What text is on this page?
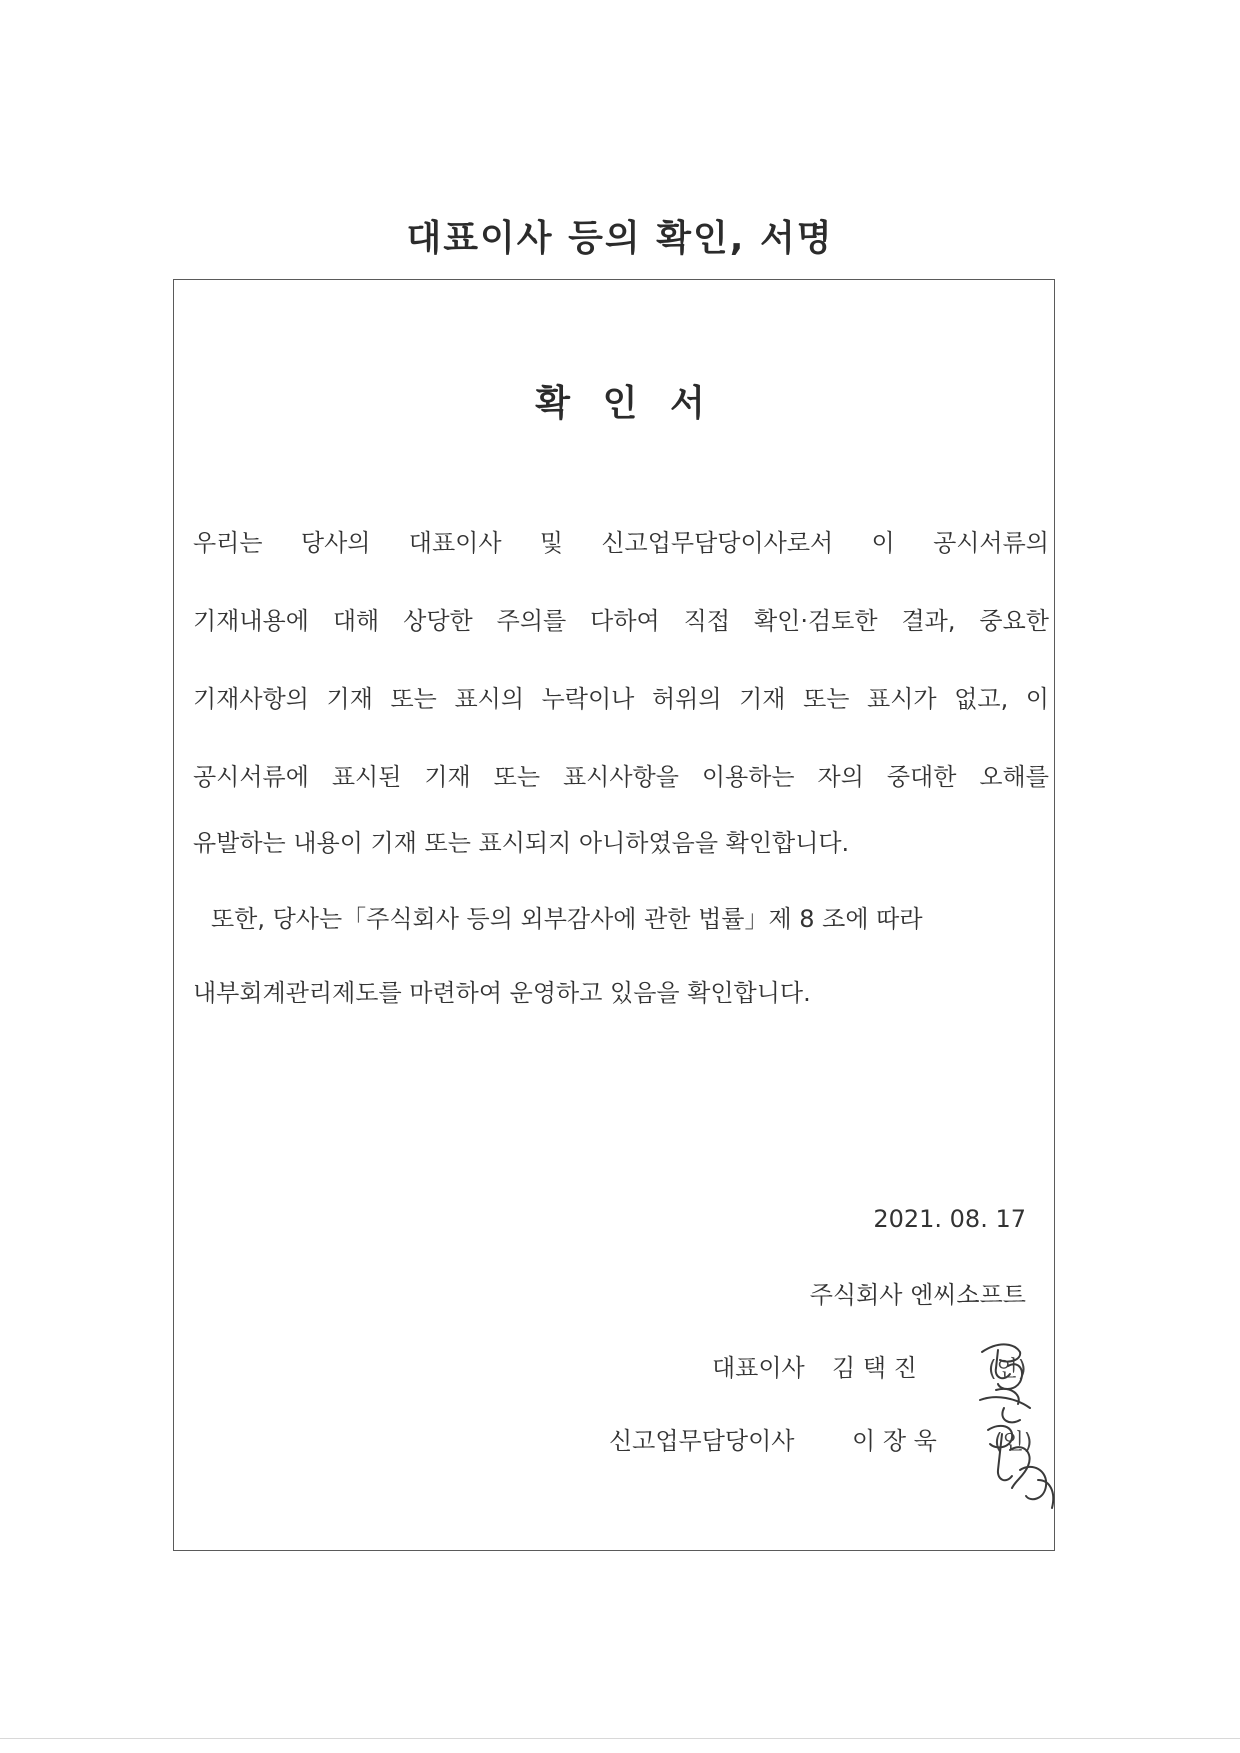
대표이사 등의 확인, 서명
확 인 서
우리는 당사의 대표이사 및 신고업무담당이사로서 이 공시서류의
기재내용에 대해 상당한 주의를 다하여 직접 확인·검토한 결과, 중요한
기재사항의 기재 또는 표시의 누락이나 허위의 기재 또는 표시가 없고, 이
공시서류에 표시된 기재 또는 표시사항을 이용하는 자의 중대한 오해를
유발하는 내용이 기재 또는 표시되지 아니하였음을 확인합니다.
또한, 당사는「주식회사 등의 외부감사에 관한 법률」제 8 조에 따라
내부회계관리제도를 마련하여 운영하고 있음을 확인합니다.
2021. 08. 17
주식회사 엔씨소프트
대표이사 김 택 진	(인)
신고업무담당이사 이 장 욱	(인)
